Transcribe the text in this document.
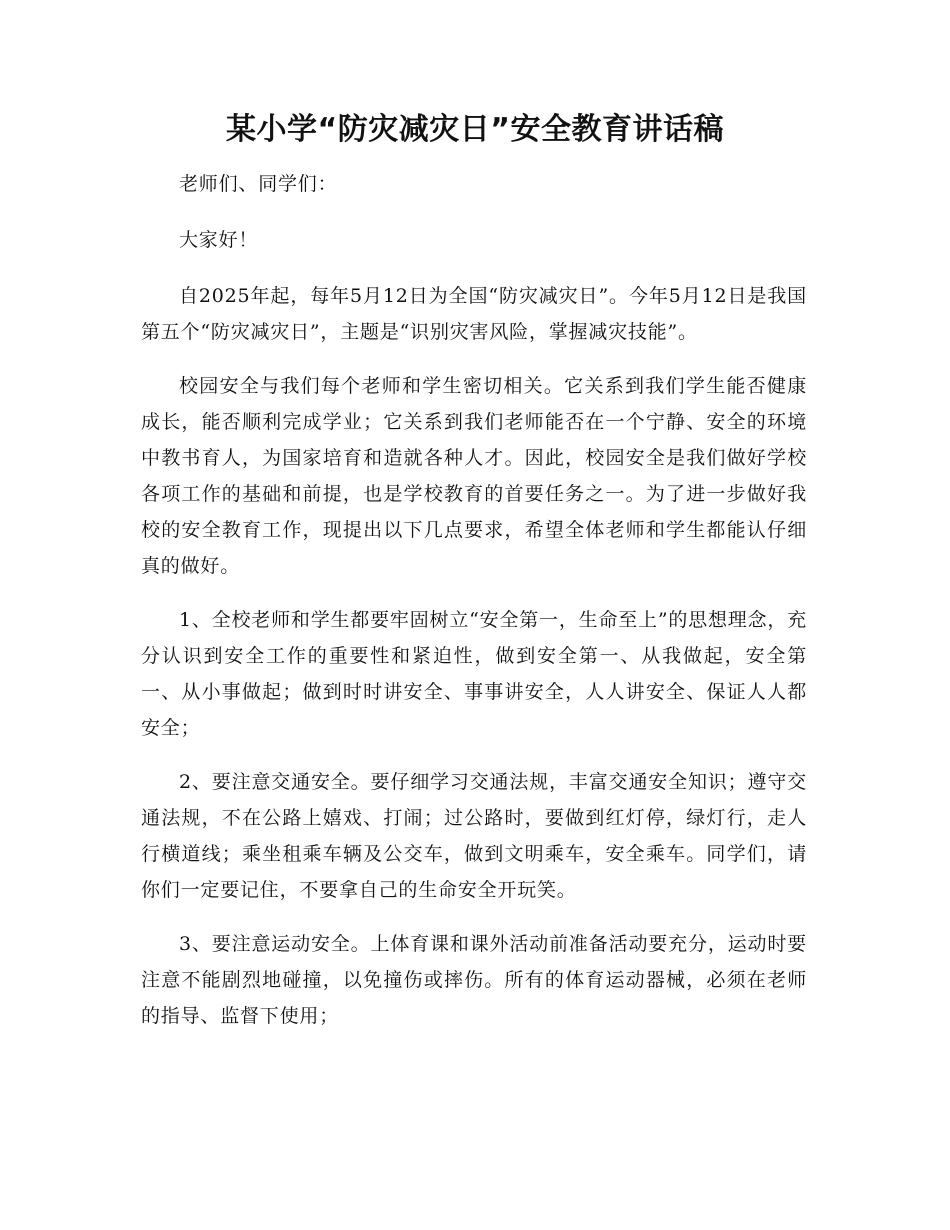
某小学“防灾减灾日”安全教育讲话稿

老师们、同学们：

大家好！

自2025年起，每年5月12日为全国“防灾减灾日”。今年5月12日是我国第五个“防灾减灾日”，主题是“识别灾害风险，掌握减灾技能”。

校园安全与我们每个老师和学生密切相关。它关系到我们学生能否健康成长，能否顺利完成学业；它关系到我们老师能否在一个宁静、安全的环境中教书育人，为国家培育和造就各种人才。因此，校园安全是我们做好学校各项工作的基础和前提，也是学校教育的首要任务之一。为了进一步做好我校的安全教育工作，现提出以下几点要求，希望全体老师和学生都能认仔细真的做好。

1、全校老师和学生都要牢固树立“安全第一，生命至上”的思想理念，充分认识到安全工作的重要性和紧迫性，做到安全第一、从我做起，安全第一、从小事做起；做到时时讲安全、事事讲安全，人人讲安全、保证人人都安全；

2、要注意交通安全。要仔细学习交通法规，丰富交通安全知识；遵守交通法规，不在公路上嬉戏、打闹；过公路时，要做到红灯停，绿灯行，走人行横道线；乘坐租乘车辆及公交车，做到文明乘车，安全乘车。同学们，请你们一定要记住，不要拿自己的生命安全开玩笑。

3、要注意运动安全。上体育课和课外活动前准备活动要充分，运动时要注意不能剧烈地碰撞，以免撞伤或摔伤。所有的体育运动器械，必须在老师的指导、监督下使用；
